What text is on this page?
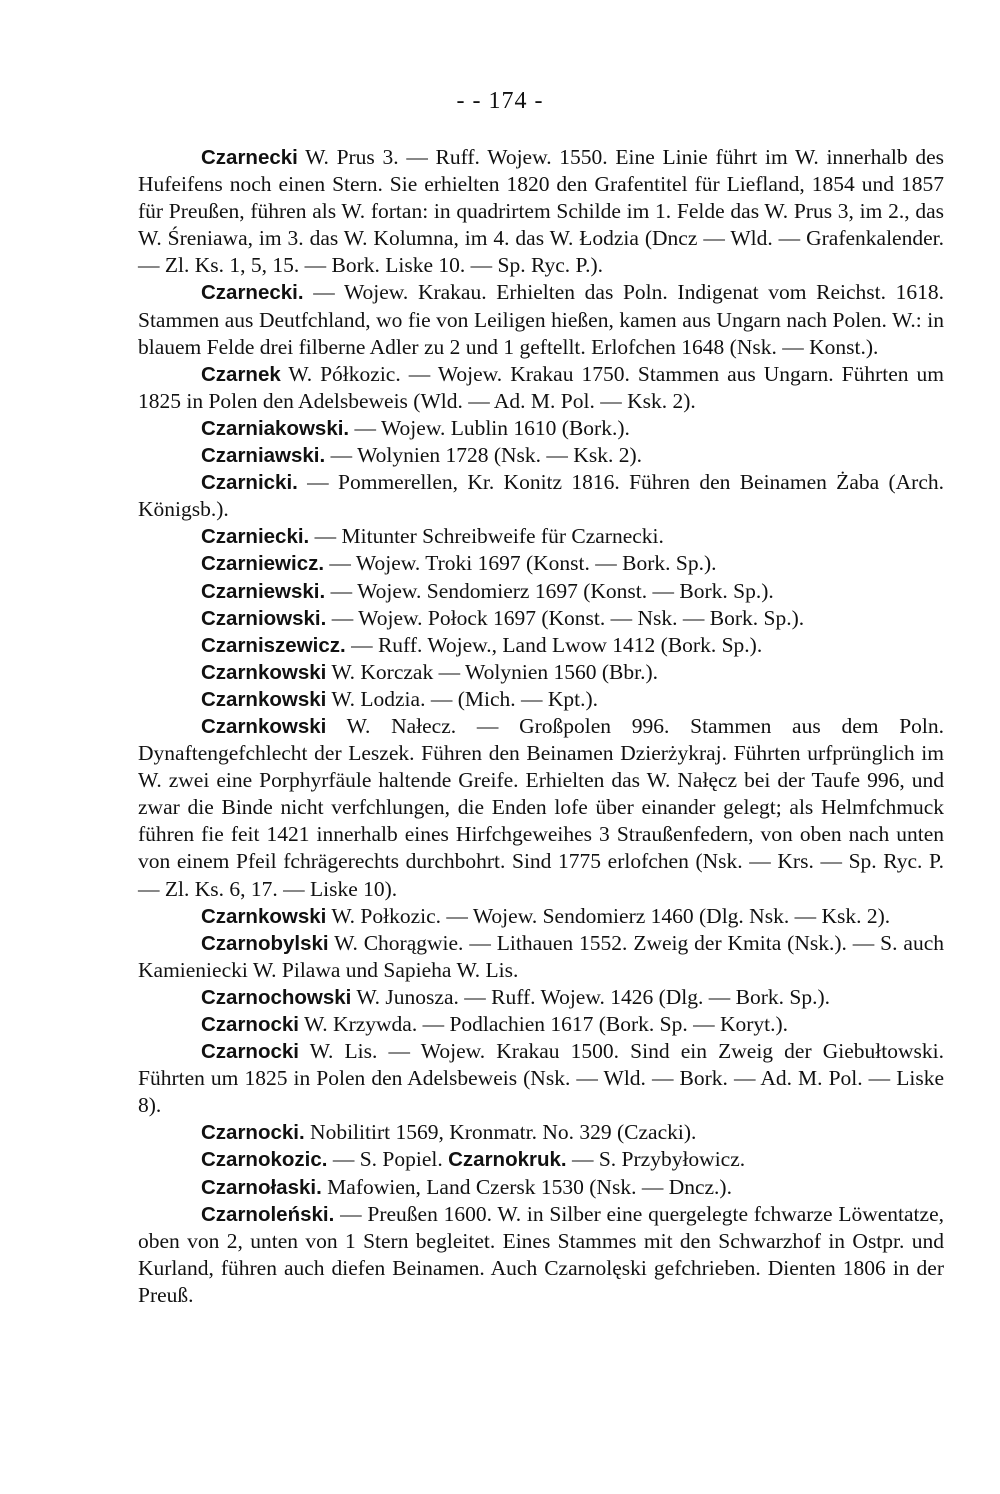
- - 174 -

Czarnecki W. Prus 3. — Ruff. Wojew. 1550. Eine Linie führt im W. innerhalb des Hufeifens noch einen Stern. Sie erhielten 1820 den Grafentitel für Liefland, 1854 und 1857 für Preußen, führen als W. fortan: in quadrirtem Schilde im 1. Felde das W. Prus 3, im 2., das W. Śreniawa, im 3. das W. Kolumna, im 4. das W. Łodzia (Dncz — Wld. — Grafenkalender. — Zl. Ks. 1, 5, 15. — Bork. Liske 10. — Sp. Ryc. P.).

Czarnecki. — Wojew. Krakau. Erhielten das Poln. Indigenat vom Reichst. 1618. Stammen aus Deutfchland, wo fie von Leiligen hießen, kamen aus Ungarn nach Polen. W.: in blauem Felde drei filberne Adler zu 2 und 1 geftellt. Erlofchen 1648 (Nsk. — Konst.).

Czarnek W. Półkozic. — Wojew. Krakau 1750. Stammen aus Ungarn. Führten um 1825 in Polen den Adelsbeweis (Wld. — Ad. M. Pol. — Ksk. 2).

Czarniakowski. — Wojew. Lublin 1610 (Bork.).

Czarniawski. — Wolynien 1728 (Nsk. — Ksk. 2).

Czarnicki. — Pommerellen, Kr. Konitz 1816. Führen den Beinamen Żaba (Arch. Königsb.).

Czarniecki. — Mitunter Schreibweife für Czarnecki.

Czarniewicz. — Wojew. Troki 1697 (Konst. — Bork. Sp.).

Czarniewski. — Wojew. Sendomierz 1697 (Konst. — Bork. Sp.).

Czarniowski. — Wojew. Połock 1697 (Konst. — Nsk. — Bork. Sp.).

Czarniszewicz. — Ruff. Wojew., Land Lwow 1412 (Bork. Sp.).

Czarnkowski W. Korczak — Wolynien 1560 (Bbr.).

Czarnkowski W. Lodzia. — (Mich. — Kpt.).

Czarnkowski W. Nałecz. — Großpolen 996. Stammen aus dem Poln. Dynaftengefchlecht der Leszek. Führen den Beinamen Dzierżykraj. Führten urfprünglich im W. zwei eine Porphyrfäule haltende Greife. Erhielten das W. Nałęcz bei der Taufe 996, und zwar die Binde nicht verfchlungen, die Enden lofe über einander gelegt; als Helmfchmuck führen fie feit 1421 innerhalb eines Hirfchgeweihes 3 Straußenfedern, von oben nach unten von einem Pfeil fchrägerechts durchbohrt. Sind 1775 erlofchen (Nsk. — Krs. — Sp. Ryc. P. — Zl. Ks. 6, 17. — Liske 10).

Czarnkowski W. Połkozic. — Wojew. Sendomierz 1460 (Dlg. Nsk. — Ksk. 2).

Czarnobylski W. Chorągwie. — Lithauen 1552. Zweig der Kmita (Nsk.). — S. auch Kamieniecki W. Pilawa und Sapieha W. Lis.

Czarnochowski W. Junosza. — Ruff. Wojew. 1426 (Dlg. — Bork. Sp.).

Czarnocki W. Krzywda. — Podlachien 1617 (Bork. Sp. — Koryt.).

Czarnocki W. Lis. — Wojew. Krakau 1500. Sind ein Zweig der Giebułtowski. Führten um 1825 in Polen den Adelsbeweis (Nsk. — Wld. — Bork. — Ad. M. Pol. — Liske 8).

Czarnocki. Nobilitirt 1569, Kronmatr. No. 329 (Czacki).

Czarnokozic. — S. Popiel. Czarnokruk. — S. Przybyłowicz.

Czarnołaski. Mafowien, Land Czersk 1530 (Nsk. — Dncz.).

Czarnoleński. — Preußen 1600. W. in Silber eine quergelegte fchwarze Löwentatze, oben von 2, unten von 1 Stern begleitet. Eines Stammes mit den Schwarzhof in Ostpr. und Kurland, führen auch diefen Beinamen. Auch Czarnolęski gefchrieben. Dienten 1806 in der Preuß.
